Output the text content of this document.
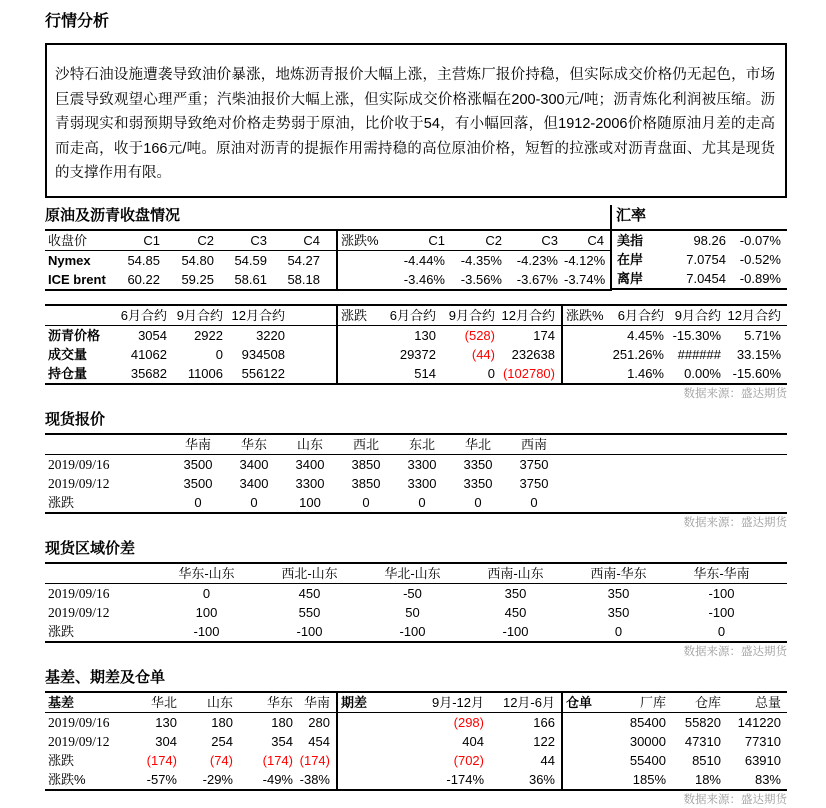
行情分析
沙特石油设施遭袭导致油价暴涨，地炼沥青报价大幅上涨，主营炼厂报价持稳，但实际成交价格仍无起色，市场巨震导致观望心理严重；汽柴油报价大幅上涨，但实际成交价格涨幅在200-300元/吨；沥青炼化利润被压缩。沥青弱现实和弱预期导致绝对价格走势弱于原油，比价收于54，有小幅回落，但1912-2006价格随原油月差的走高而走高，收于166元/吨。原油对沥青的提振作用需持稳的高位原油价格，短暂的拉涨或对沥青盘面、尤其是现货的支撑作用有限。
原油及沥青收盘情况
收盘价	C1	C2	C3	C4		涨跌%	C1	C2	C3	C4
Nymex	54.85	54.80	54.59	54.27			-4.44%	-4.35%	-4.23%	-4.12%
ICE brent	60.22	59.25	58.61	58.18			-3.46%	-3.56%	-3.67%	-3.74%
汇率
美指	98.26	-0.07%
在岸	7.0754	-0.52%
离岸	7.0454	-0.89%
	6月合约	9月合约	12月合约		涨跌	6月合约	9月合约	12月合约	涨跌%	6月合约	9月合约	12月合约
沥青价格	3054	2922	3220			130	(528)	174		4.45%	-15.30%	5.71%
成交量	41062	0	934508			29372	(44)	232638		251.26%	######	33.15%
持仓量	35682	11006	556122			514	0	(102780)		1.46%	0.00%	-15.60%
数据来源：盛达期货
现货报价
	华南	华东	山东	西北	东北	华北	西南	
2019/09/16	3500	3400	3400	3850	3300	3350	3750	
2019/09/12	3500	3400	3300	3850	3300	3350	3750	
涨跌	0	0	100	0	0	0	0	
数据来源：盛达期货
现货区域价差
	华东-山东	西北-山东	华北-山东	西南-山东	西南-华东	华东-华南	
2019/09/16	0	450	-50	350	350	-100	
2019/09/12	100	550	50	450	350	-100	
涨跌	-100	-100	-100	-100	0	0	
数据来源：盛达期货
基差、期差及仓单
基差	华北	山东	华东	华南	期差	9月-12月	12月-6月	仓单	厂库	仓库	总量
2019/09/16	130	180	180	280		(298)	166		85400	55820	141220
2019/09/12	304	254	354	454		404	122		30000	47310	77310
涨跌	(174)	(74)	(174)	(174)		(702)	44		55400	8510	63910
涨跌%	-57%	-29%	-49%	-38%		-174%	36%		185%	18%	83%
数据来源：盛达期货
